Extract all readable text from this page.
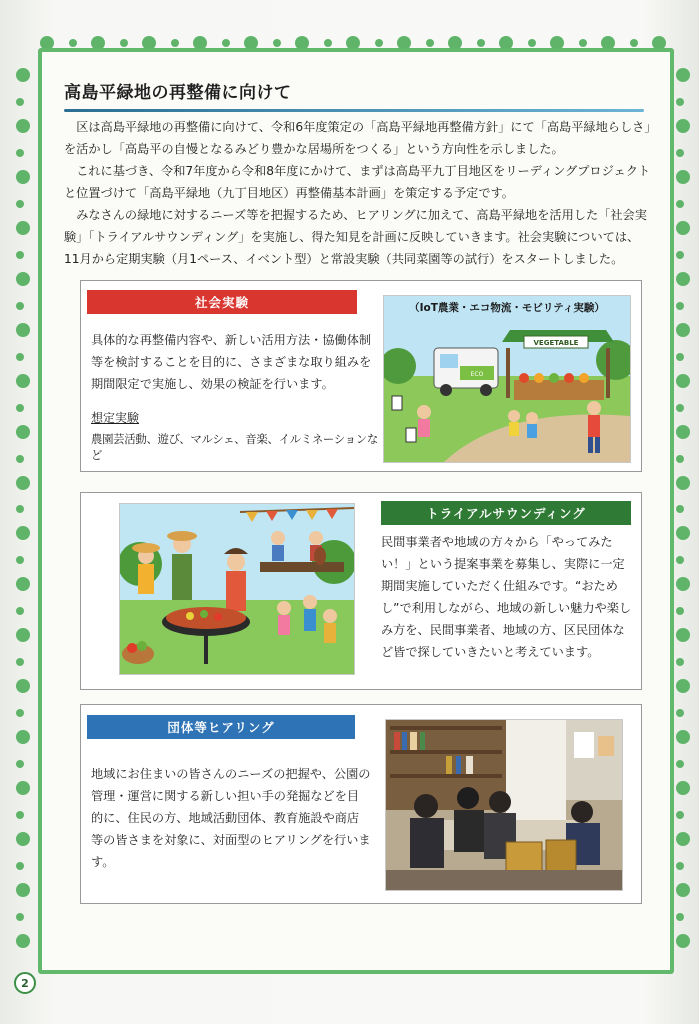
高島平緑地の再整備に向けて

区は高島平緑地の再整備に向けて、令和6年度策定の「高島平緑地再整備方針」にて「高島平緑地らしさ」を活かし「高島平の自慢となるみどり豊かな居場所をつくる」という方向性を示しました。

これに基づき、令和7年度から令和8年度にかけて、まずは高島平九丁目地区をリーディングプロジェクトと位置づけて「高島平緑地（九丁目地区）再整備基本計画」を策定する予定です。

みなさんの緑地に対するニーズ等を把握するため、ヒアリングに加えて、高島平緑地を活用した「社会実験」「トライアルサウンディング」を実施し、得た知見を計画に反映していきます。社会実験については、11月から定期実験（月1ペース、イベント型）と常設実験（共同菜園等の試行）をスタートしました。

社会実験
具体的な再整備内容や、新しい活用方法・協働体制等を検討することを目的に、さまざまな取り組みを期間限定で実施し、効果の検証を行います。
想定実験
農園芸活動、遊び、マルシェ、音楽、イルミネーションなど
ECO
VEGETABLE
（IoT農業・エコ物流・モビリティ実験）
トライアルサウンディング
民間事業者や地域の方々から「やってみたい！」という提案事業を募集し、実際に一定期間実施していただく仕組みです。“おためし”で利用しながら、地域の新しい魅力や楽しみ方を、民間事業者、地域の方、区民団体など皆で探していきたいと考えています。
団体等ヒアリング
地域にお住まいの皆さんのニーズの把握や、公園の管理・運営に関する新しい担い手の発掘などを目的に、住民の方、地域活動団体、教育施設や商店等の皆さまを対象に、対面型のヒアリングを行います。
2
